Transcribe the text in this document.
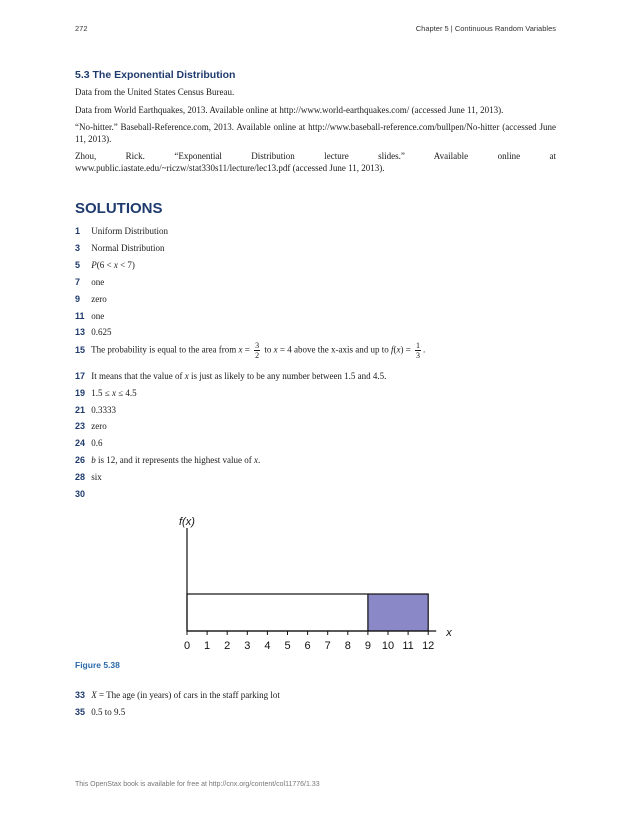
272	Chapter 5 | Continuous Random Variables
5.3 The Exponential Distribution

Data from the United States Census Bureau.

Data from World Earthquakes, 2013. Available online at http://www.world-earthquakes.com/ (accessed June 11, 2013).

“No-hitter.” Baseball-Reference.com, 2013. Available online at http://www.baseball-reference.com/bullpen/No-hitter (accessed June 11, 2013).

Zhou, Rick. “Exponential Distribution lecture slides.” Available online at www.public.iastate.edu/~riczw/stat330s11/lecture/lec13.pdf (accessed June 11, 2013).

SOLUTIONS
1 Uniform Distribution
3 Normal Distribution
5 P(6 < x < 7)
7 one
9 zero
11 one
13 0.625
15 The probability is equal to the area from $x = \frac{3}{2}$ to x = 4 above the x-axis and up to $f(x) = \frac{1}{3}$ .
17 It means that the value of x is just as likely to be any number between 1.5 and 4.5.
19 1.5 ≤ x ≤ 4.5
21 0.3333
23 zero
24 0.6
26 b is 12, and it represents the highest value of x.
28 six
30
0 1 2 3 4 5 6 7 8 9 10 11 12
f(x)
x
Figure 5.38
33 X = The age (in years) of cars in the staff parking lot
35 0.5 to 9.5
This OpenStax book is available for free at http://cnx.org/content/col11776/1.33
